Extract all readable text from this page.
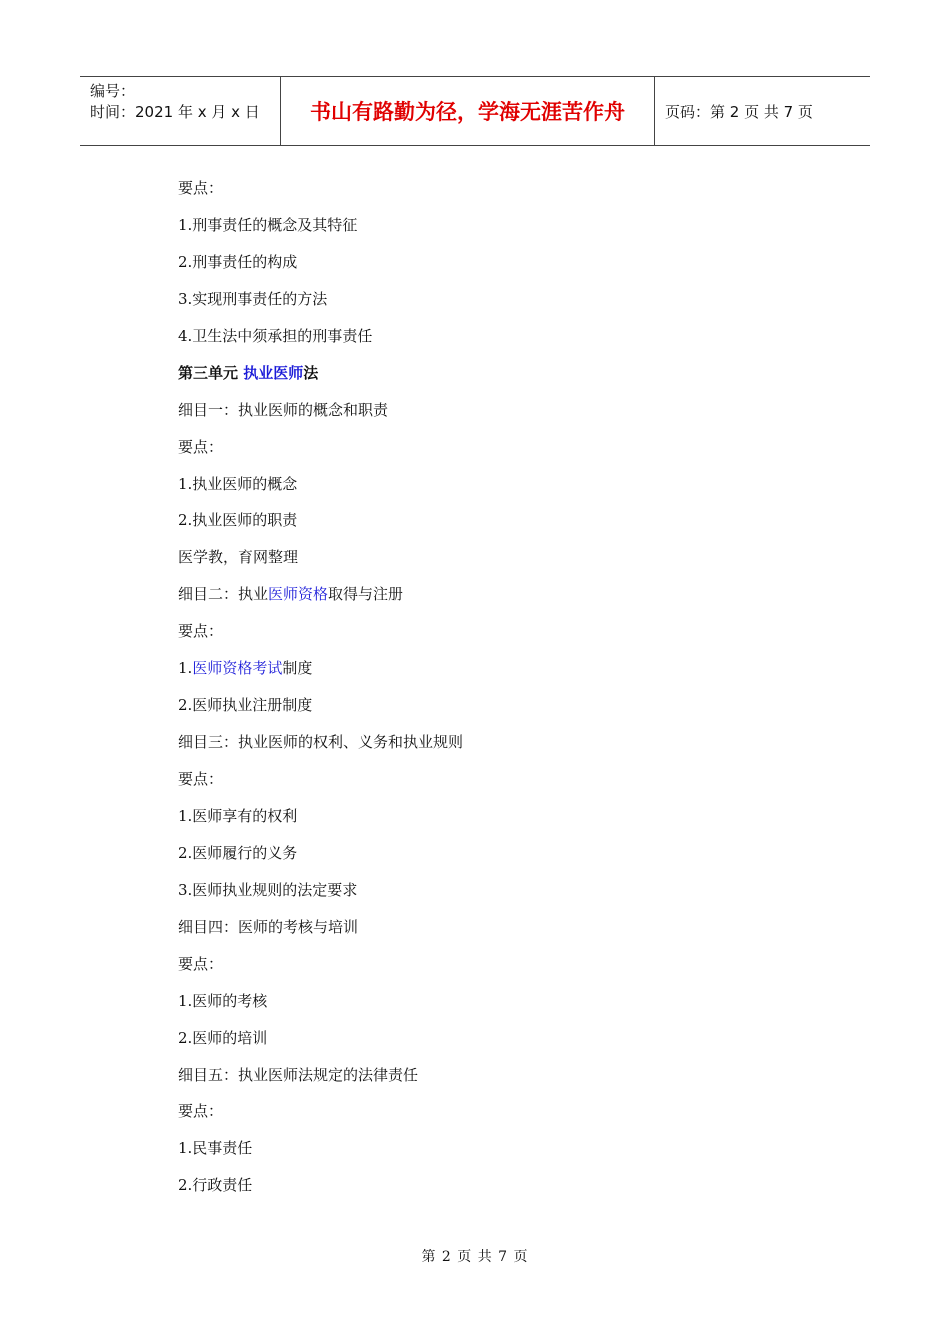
编号：
时间：2021 年 x 月 x 日	书山有路勤为径，学海无涯苦作舟	页码：第 2 页 共 7 页
要点：
1.刑事责任的概念及其特征
2.刑事责任的构成
3.实现刑事责任的方法
4.卫生法中须承担的刑事责任
第三单元 执业医师法
细目一：执业医师的概念和职责
要点：
1.执业医师的概念
2.执业医师的职责
医学教，育网整理
细目二：执业医师资格取得与注册
要点：
1.医师资格考试制度
2.医师执业注册制度
细目三：执业医师的权利、义务和执业规则
要点：
1.医师享有的权利
2.医师履行的义务
3.医师执业规则的法定要求
细目四：医师的考核与培训
要点：
1.医师的考核
2.医师的培训
细目五：执业医师法规定的法律责任
要点：
1.民事责任
2.行政责任
第 2 页 共 7 页
